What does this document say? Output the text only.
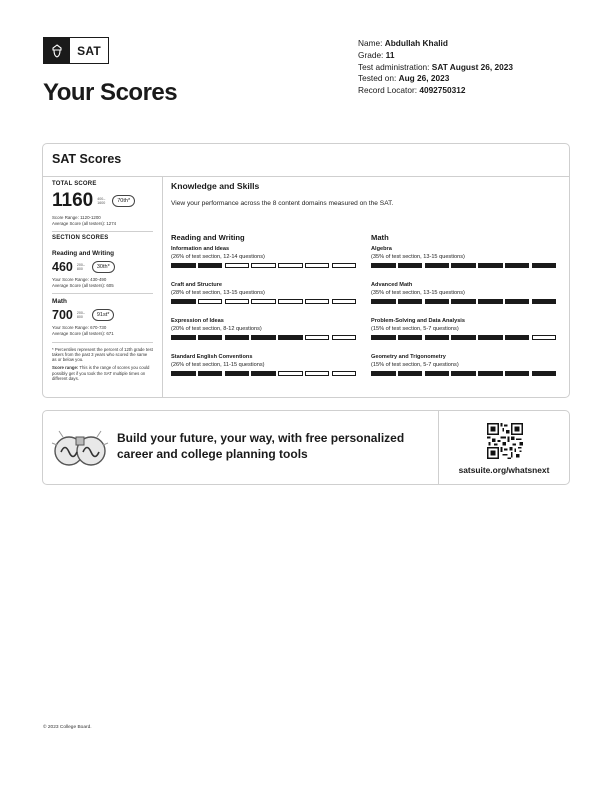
SAT
Your Scores
Name: Abdullah Khalid
Grade: 11
Test administration: SAT August 26, 2023
Tested on: Aug 26, 2023
Record Locator: 4092750312
SAT Scores
TOTAL SCORE
1160 400–
1600	70th*
Score Range: 1120-1200
Average Score (all testers): 1274
SECTION SCORES
Reading and Writing
460 200–
800	30th*
Your Score Range: 430-490
Average Score (all testers): 605
Math
700 200–
800	91st*
Your Score Range: 670-730
Average Score (all testers): 671
* Percentiles represent the percent of 12th grade test takers from the past 3 years who scored the same as or below you.
Score range: This is the range of scores you could possibly get if you took the SAT multiple times on different days.
Knowledge and Skills
View your performance across the 8 content domains measured on the SAT.
Reading and Writing
Information and Ideas
(26% of test section, 12-14 questions)
Craft and Structure
(28% of test section, 13-15 questions)
Expression of Ideas
(20% of test section, 8-12 questions)
Standard English Conventions
(26% of test section, 11-15 questions)
Math
Algebra
(35% of test section, 13-15 questions)
Advanced Math
(35% of test section, 13-15 questions)
Problem-Solving and Data Analysis
(15% of test section, 5-7 questions)
Geometry and Trigonometry
(15% of test section, 5-7 questions)
Build your future, your way, with free personalized career and college planning tools
satsuite.org/whatsnext
© 2023 College Board.
